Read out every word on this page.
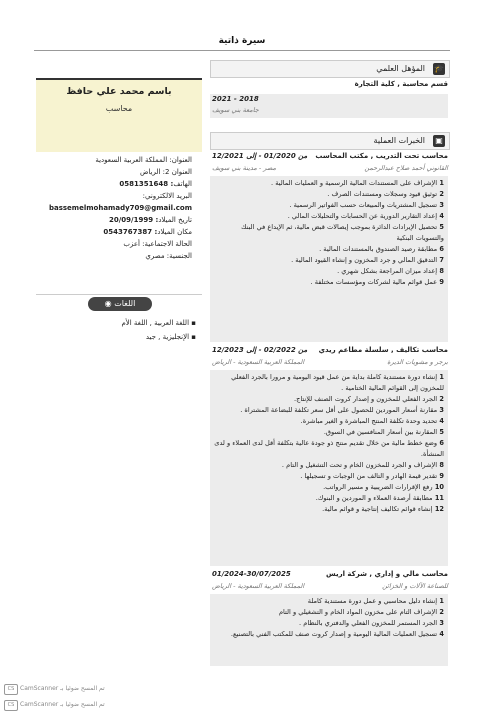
سيرة ذاتية
باسم محمد علي حافظ
محاسب
العنوان: المملكة العربية السعودية
العنوان 2: الرياض
الهاتف: 0581351648
البريد الالكتروني:
bassemelmohamady709@gmail.com
تاريخ الميلاد: 20/09/1999
مكان الميلاد: 0543767387
الحالة الاجتماعية: أعزب
الجنسية: مصري
◉ اللغات
▪ اللغة العربية , اللغة الأم
▪ الإنجليزية , جيد
🎓
المؤهل العلمي
قسم محاسبة , كلية التجارة
2018 - 2021
جامعة بني سويف
▣
الخبرات العملية
محاسب تحت التدريب , مكتب المحاسب
من 01/2020 - إلى 12/2021
القانوني أحمد صلاح عبدالرحمن
مصر - مدينة بني سويف
1 الإشراف على المستندات المالية الرسمية و العمليات المالية .
2 توثيق قيود وسجلات ومستندات الصرف .
3 تسجيل المشتريات والمبيعات حسب الفواتير الرسمية .
4 إعداد التقارير الدورية عن الحسابات والتحليلات المالي .
5 تحصيل الإيرادات الدائرة بموجب إيصالات قبض مالية، ثم الإيداع في البنك والتسويات البنكية
6 مطابقة رصيد الصندوق بالمستندات المالية .
7 التدقيق المالي و جرد المخزون و إنشاء القيود المالية .
8 إعداد ميزان المراجعة بشكل شهري .
9 عمل قوائم مالية لشركات ومؤسسات مختلفة .
محاسب تكاليف , سلسلة مطاعم ريدي
من 02/2022 - إلى 12/2023
برجر و مشويات الديرة
المملكة العربية السعودية - الرياض
1 إنشاء دورة مستندية كاملة بداية من عمل قيود اليومية و مرورا بالجرد الفعلي للمخزون إلى القوائم المالية الختامية .
2 الجرد الفعلي للمخزون و إصدار كروت الصنف للإنتاج.
3 مقارنة أسعار الموردين للحصول على أقل سعر تكلفة للبضاعة المشتراة .
4 تحديد وحدة تكلفة المنتج المباشرة و الغير مباشرة.
5 المقارنة بين أسعار المنافسين في السوق.
6 وضع خطط مالية من خلال تقديم منتج ذو جودة عالية بتكلفة أقل لدى العملاء و لدى المنشأة.
8 الإشراف و الجرد للمخزون الخام و تحت التشغيل و التام .
9 تقدير قيمة الهادر و التالف من الوجبات و تسجيلها .
10 رفع الإقرارات الضريبية و مسير الرواتب.
11 مطابقة أرصدة العملاء و الموردين و البنوك.
12 إنشاء قوائم تكاليف إنتاجية و قوائم مالية.
محاسب مالي و إداري , شركة اريس
01/2024-30/07/2025
للصناعة الآلات و الخزائن
المملكة العربية السعودية - الرياض
1 إنشاء دليل محاسبي و عمل دورة مستندية كاملة
2 الإشراف التام على مخزون المواد الخام و التشغيلي و التام
3 الجرد المستمر للمخزون الفعلي والدفتري بالنظام .
4 تسجيل العمليات المالية اليومية و إصدار كروت صنف للمكتب الفني بالتصنيع.
CS CamScanner تم المسح ضوئيا بـ
CS CamScanner تم المسح ضوئيا بـ
